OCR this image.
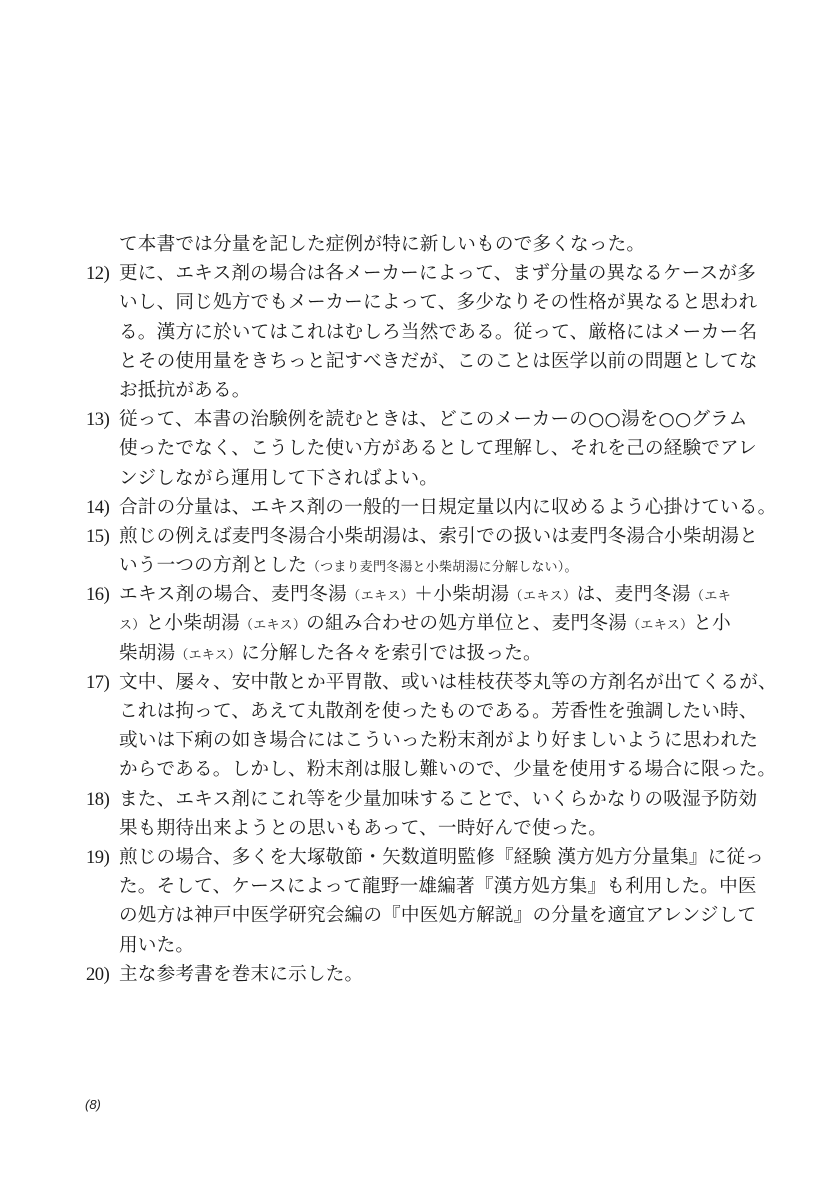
て本書では分量を記した症例が特に新しいもので多くなった。
12) 更に、エキス剤の場合は各メーカーによって、まず分量の異なるケースが多
いし、同じ処方でもメーカーによって、多少なりその性格が異なると思われ
る。漢方に於いてはこれはむしろ当然である。従って、厳格にはメーカー名
とその使用量をきちっと記すべきだが、このことは医学以前の問題としてな
お抵抗がある。
13) 従って、本書の治験例を読むときは、どこのメーカーの○○湯を○○グラム
使ったでなく、こうした使い方があるとして理解し、それを己の経験でアレ
ンジしながら運用して下さればよい。
14) 合計の分量は、エキス剤の一般的一日規定量以内に収めるよう心掛けている。
15) 煎じの例えば麦門冬湯合小柴胡湯は、索引での扱いは麦門冬湯合小柴胡湯と
いう一つの方剤とした（つまり麦門冬湯と小柴胡湯に分解しない）。
16) エキス剤の場合、麦門冬湯（エキス）＋小柴胡湯（エキス）は、麦門冬湯（エキ
ス）と小柴胡湯（エキス）の組み合わせの処方単位と、麦門冬湯（エキス）と小
柴胡湯（エキス）に分解した各々を索引では扱った。
17) 文中、屡々、安中散とか平胃散、或いは桂枝茯苓丸等の方剤名が出てくるが、
これは拘って、あえて丸散剤を使ったものである。芳香性を強調したい時、
或いは下痢の如き場合にはこういった粉末剤がより好ましいように思われた
からである。しかし、粉末剤は服し難いので、少量を使用する場合に限った。
18) また、エキス剤にこれ等を少量加味することで、いくらかなりの吸湿予防効
果も期待出来ようとの思いもあって、一時好んで使った。
19) 煎じの場合、多くを大塚敬節・矢数道明監修『経験 漢方処方分量集』に従っ
た。そして、ケースによって龍野一雄編著『漢方処方集』も利用した。中医
の処方は神戸中医学研究会編の『中医処方解説』の分量を適宜アレンジして
用いた。
20) 主な参考書を巻末に示した。
(8)
